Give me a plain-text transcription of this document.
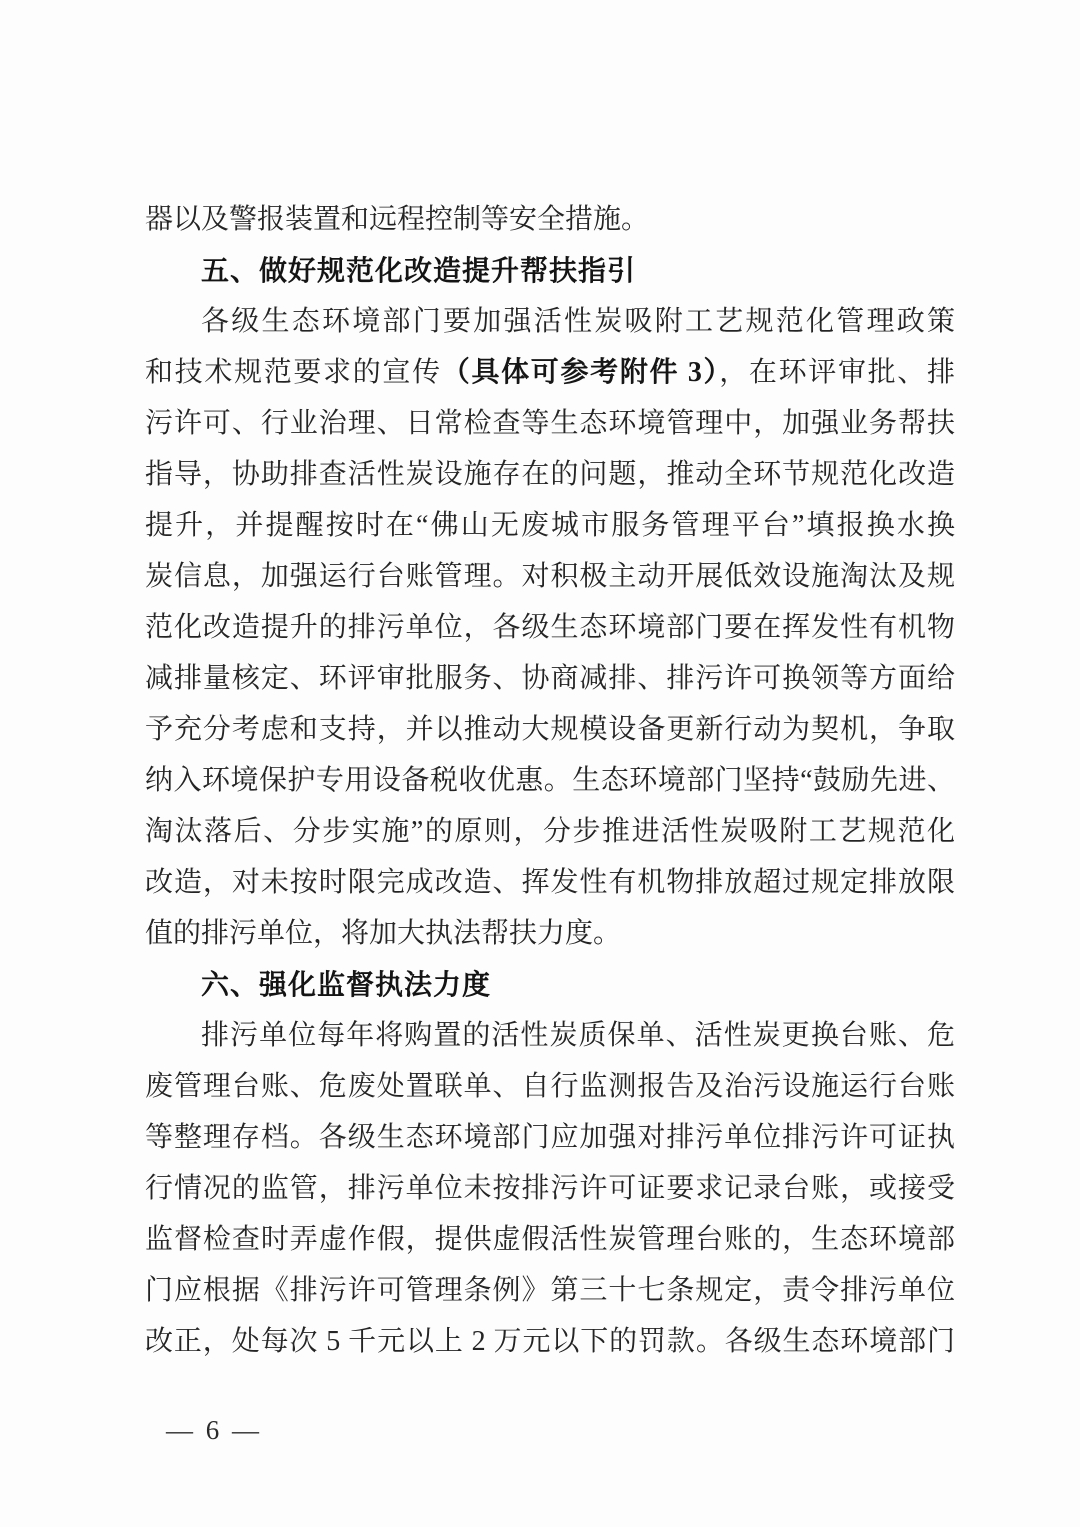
器以及警报装置和远程控制等安全措施。
五、做好规范化改造提升帮扶指引
各级生态环境部门要加强活性炭吸附工艺规范化管理政策
和技术规范要求的宣传（具体可参考附件 3），在环评审批、排
污许可、行业治理、日常检查等生态环境管理中，加强业务帮扶
指导，协助排查活性炭设施存在的问题，推动全环节规范化改造
提升，并提醒按时在“佛山无废城市服务管理平台”填报换水换
炭信息，加强运行台账管理。对积极主动开展低效设施淘汰及规
范化改造提升的排污单位，各级生态环境部门要在挥发性有机物
减排量核定、环评审批服务、协商减排、排污许可换领等方面给
予充分考虑和支持，并以推动大规模设备更新行动为契机，争取
纳入环境保护专用设备税收优惠。生态环境部门坚持“鼓励先进、
淘汰落后、分步实施”的原则，分步推进活性炭吸附工艺规范化
改造，对未按时限完成改造、挥发性有机物排放超过规定排放限
值的排污单位，将加大执法帮扶力度。
六、强化监督执法力度
排污单位每年将购置的活性炭质保单、活性炭更换台账、危
废管理台账、危废处置联单、自行监测报告及治污设施运行台账
等整理存档。各级生态环境部门应加强对排污单位排污许可证执
行情况的监管，排污单位未按排污许可证要求记录台账，或接受
监督检查时弄虚作假，提供虚假活性炭管理台账的，生态环境部
门应根据《排污许可管理条例》第三十七条规定，责令排污单位
改正，处每次 5 千元以上 2 万元以下的罚款。各级生态环境部门
— 6 —
